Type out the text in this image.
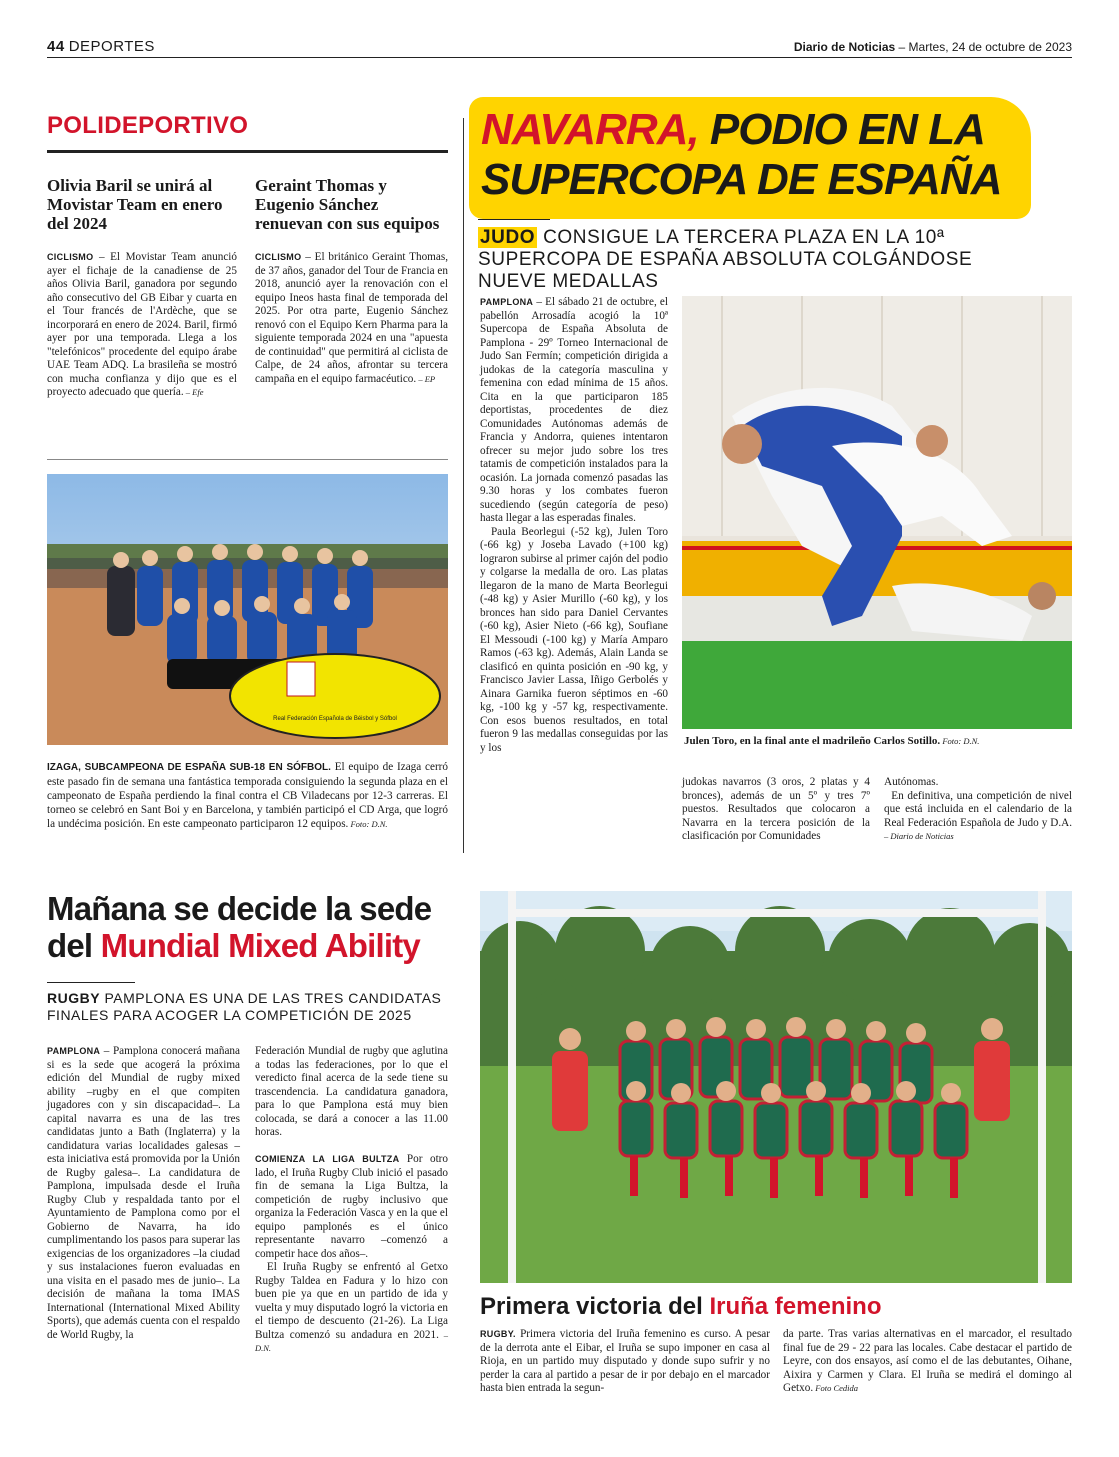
44 DEPORTES	Diario de Noticias – Martes, 24 de octubre de 2023
POLIDEPORTIVO
Olivia Baril se unirá al Movistar Team en enero del 2024
CICLISMO – El Movistar Team anunció ayer el fichaje de la canadiense de 25 años Olivia Baril, ganadora por segundo año consecutivo del GB Eibar y cuarta en el Tour francés de l'Ardèche, que se incorporará en enero de 2024. Baril, firmó ayer por una temporada. Llega a los "telefónicos" procedente del equipo árabe UAE Team ADQ. La brasileña se mostró con mucha confianza y dijo que es el proyecto adecuado que quería. – Efe
Geraint Thomas y Eugenio Sánchez renuevan con sus equipos
CICLISMO – El británico Geraint Thomas, de 37 años, ganador del Tour de Francia en 2018, anunció ayer la renovación con el equipo Ineos hasta final de temporada del 2025. Por otra parte, Eugenio Sánchez renovó con el Equipo Kern Pharma para la siguiente temporada 2024 en una "apuesta de continuidad" que permitirá al ciclista de Calpe, de 24 años, afrontar su tercera campaña en el equipo farmacéutico. – EP
Real Federación Española de Béisbol y Sófbol
IZAGA, SUBCAMPEONA DE ESPAÑA SUB-18 EN SÓFBOL. El equipo de Izaga cerró este pasado fin de semana una fantástica temporada consiguiendo la segunda plaza en el campeonato de España perdiendo la final contra el CB Viladecans por 12-3 carreras. El torneo se celebró en Sant Boi y en Barcelona, y también participó el CD Arga, que logró la undécima posición. En este campeonato participaron 12 equipos. Foto: D.N.
NAVARRA, PODIO EN LA
SUPERCOPA DE ESPAÑA
JUDO CONSIGUE LA TERCERA PLAZA EN LA 10ª SUPERCOPA DE ESPAÑA ABSOLUTA COLGÁNDOSE NUEVE MEDALLAS
PAMPLONA – El sábado 21 de octubre, el pabellón Arrosadía acogió la 10ª Supercopa de España Absoluta de Pamplona - 29º Torneo Internacional de Judo San Fermín; competición dirigida a judokas de la categoría masculina y femenina con edad mínima de 15 años. Cita en la que participaron 185 deportistas, procedentes de diez Comunidades Autónomas además de Francia y Andorra, quienes intentaron ofrecer su mejor judo sobre los tres tatamis de competición instalados para la ocasión. La jornada comenzó pasadas las 9.30 horas y los combates fueron sucediendo (según categoría de peso) hasta llegar a las esperadas finales.
Paula Beorlegui (-52 kg), Julen Toro (-66 kg) y Joseba Lavado (+100 kg) lograron subirse al primer cajón del podio y colgarse la medalla de oro. Las platas llegaron de la mano de Marta Beorlegui (-48 kg) y Asier Murillo (-60 kg), y los bronces han sido para Daniel Cervantes (-60 kg), Asier Nieto (-66 kg), Soufiane El Messoudi (-100 kg) y María Amparo Ramos (-63 kg). Además, Alain Landa se clasificó en quinta posición en -90 kg, y Francisco Javier Lassa, Iñigo Gerbolés y Ainara Garnika fueron séptimos en -60 kg, -100 kg y -57 kg, respectivamente. Con esos buenos resultados, en total fueron 9 las medallas conseguidas por las y los
Julen Toro, en la final ante el madrileño Carlos Sotillo. Foto: D.N.
judokas navarros (3 oros, 2 platas y 4 bronces), además de un 5º y tres 7º puestos. Resultados que colocaron a Navarra en la tercera posición de la clasificación por Comunidades
Autónomas.
En definitiva, una competición de nivel que está incluida en el calendario de la Real Federación Española de Judo y D.A. – Diario de Noticias
Mañana se decide la sede
del Mundial Mixed Ability
RUGBY PAMPLONA ES UNA DE LAS TRES CANDIDATAS FINALES PARA ACOGER LA COMPETICIÓN DE 2025
PAMPLONA – Pamplona conocerá mañana si es la sede que acogerá la próxima edición del Mundial de rugby mixed ability –rugby en el que compiten jugadores con y sin discapacidad–. La capital navarra es una de las tres candidatas junto a Bath (Inglaterra) y la candidatura varias localidades galesas –esta iniciativa está promovida por la Unión de Rugby galesa–. La candidatura de Pamplona, impulsada desde el Iruña Rugby Club y respaldada tanto por el Ayuntamiento de Pamplona como por el Gobierno de Navarra, ha ido cumplimentando los pasos para superar las exigencias de los organizadores –la ciudad y sus instalaciones fueron evaluadas en una visita en el pasado mes de junio–. La decisión de mañana la toma IMAS International (International Mixed Ability Sports), que además cuenta con el respaldo de World Rugby, la
Federación Mundial de rugby que aglutina a todas las federaciones, por lo que el veredicto final acerca de la sede tiene su trascendencia. La candidatura ganadora, para lo que Pamplona está muy bien colocada, se dará a conocer a las 11.00 horas.

COMIENZA LA LIGA BULTZA Por otro lado, el Iruña Rugby Club inició el pasado fin de semana la Liga Bultza, la competición de rugby inclusivo que organiza la Federación Vasca y en la que el equipo pamplonés es el único representante navarro –comenzó a competir hace dos años–.
El Iruña Rugby se enfrentó al Getxo Rugby Taldea en Fadura y lo hizo con buen pie ya que en un partido de ida y vuelta y muy disputado logró la victoria en el tiempo de descuento (21-26). La Liga Bultza comenzó su andadura en 2021. – D.N.
Primera victoria del Iruña femenino
RUGBY. Primera victoria del Iruña femenino es curso. A pesar de la derrota ante el Eibar, el Iruña se supo imponer en casa al Rioja, en un partido muy disputado y donde supo sufrir y no perder la cara al partido a pesar de ir por debajo en el marcador hasta bien entrada la segun-
da parte. Tras varias alternativas en el marcador, el resultado final fue de 29 - 22 para las locales. Cabe destacar el partido de Leyre, con dos ensayos, así como el de las debutantes, Oihane, Aixira y Carmen y Clara. El Iruña se medirá el domingo al Getxo. Foto Cedida
